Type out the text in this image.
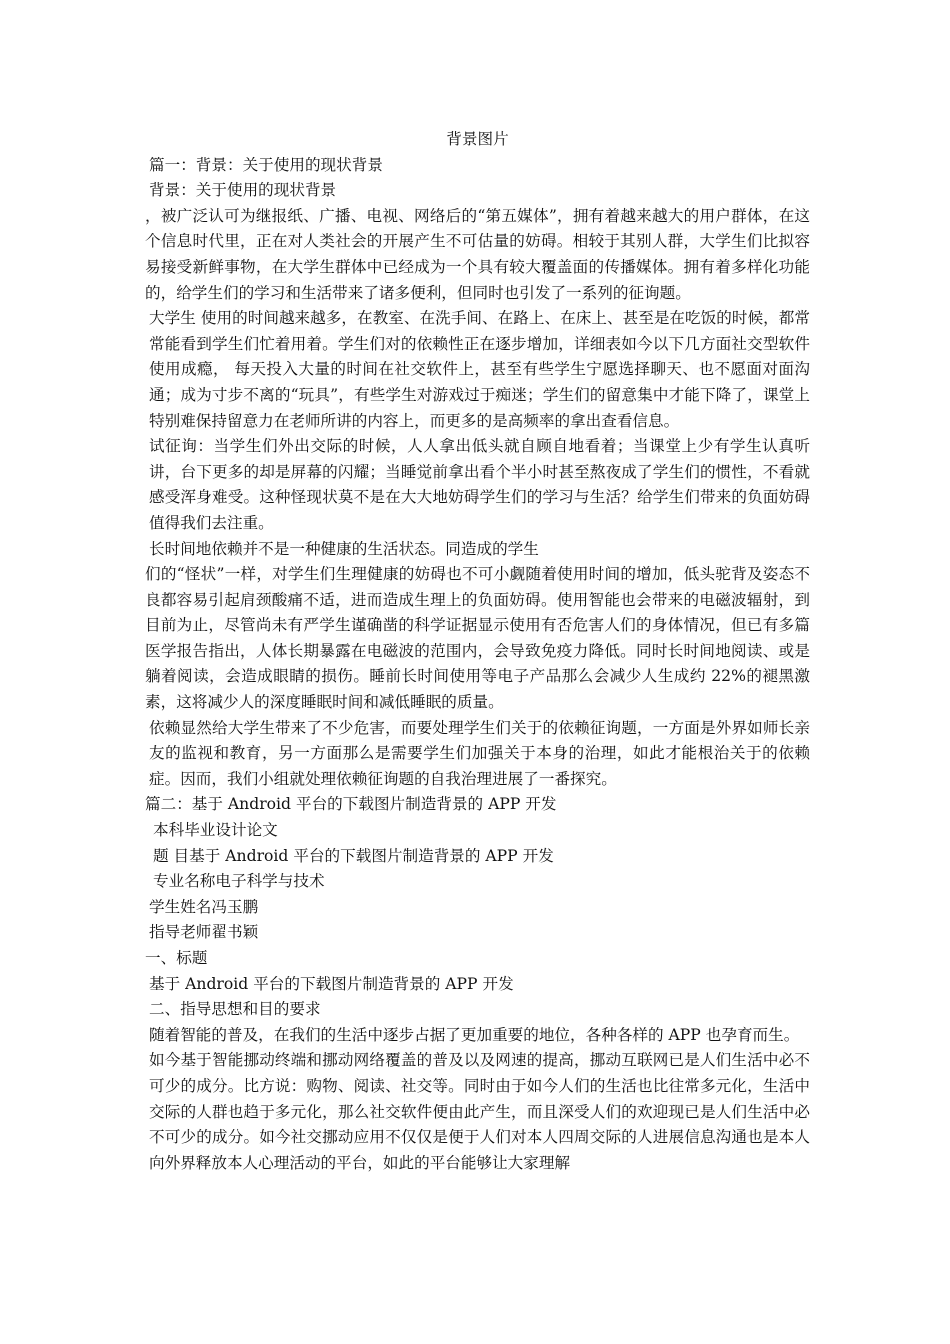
背景图片

篇一：背景：关于使用的现状背景

背景：关于使用的现状背景

，被广泛认可为继报纸、广播、电视、网络后的“第五媒体”，拥有着越来越大的用户群体，在这个信息时代里，正在对人类社会的开展产生不可估量的妨碍。相较于其别人群，大学生们比拟容易接受新鲜事物，在大学生群体中已经成为一个具有较大覆盖面的传播媒体。拥有着多样化功能的，给学生们的学习和生活带来了诸多便利，但同时也引发了一系列的征询题。

大学生 使用的时间越来越多，在教室、在洗手间、在路上、在床上、甚至是在吃饭的时候，都常常能看到学生们忙着用着。学生们对的依赖性正在逐步增加，详细表如今以下几方面社交型软件使用成瘾， 每天投入大量的时间在社交软件上，甚至有些学生宁愿选择聊天、也不愿面对面沟通；成为寸步不离的“玩具”，有些学生对游戏过于痴迷；学生们的留意集中才能下降了，课堂上特别难保持留意力在老师所讲的内容上，而更多的是高频率的拿出查看信息。

试征询：当学生们外出交际的时候，人人拿出低头就自顾自地看着；当课堂上少有学生认真听讲，台下更多的却是屏幕的闪耀；当睡觉前拿出看个半小时甚至熬夜成了学生们的惯性，不看就感受浑身难受。这种怪现状莫不是在大大地妨碍学生们的学习与生活？给学生们带来的负面妨碍值得我们去注重。

长时间地依赖并不是一种健康的生活状态。同造成的学生

们的“怪状”一样，对学生们生理健康的妨碍也不可小觑随着使用时间的增加，低头驼背及姿态不良都容易引起肩颈酸痛不适，进而造成生理上的负面妨碍。使用智能也会带来的电磁波辐射，到目前为止，尽管尚未有严学生谨确凿的科学证据显示使用有否危害人们的身体情况，但已有多篇医学报告指出，人体长期暴露在电磁波的范围内，会导致免疫力降低。同时长时间地阅读、或是躺着阅读，会造成眼睛的损伤。睡前长时间使用等电子产品那么会减少人生成约 22%的褪黑激素，这将减少人的深度睡眠时间和减低睡眠的质量。

依赖显然给大学生带来了不少危害，而要处理学生们关于的依赖征询题，一方面是外界如师长亲友的监视和教育，另一方面那么是需要学生们加强关于本身的治理，如此才能根治关于的依赖症。因而，我们小组就处理依赖征询题的自我治理进展了一番探究。

篇二：基于 Android 平台的下载图片制造背景的 APP 开发

本科毕业设计论文

题 目基于 Android 平台的下载图片制造背景的 APP 开发

专业名称电子科学与技术

学生姓名冯玉鹏

指导老师翟书颖

一、标题

基于 Android 平台的下载图片制造背景的 APP 开发

二、指导思想和目的要求

随着智能的普及，在我们的生活中逐步占据了更加重要的地位，各种各样的 APP 也孕育而生。

如今基于智能挪动终端和挪动网络覆盖的普及以及网速的提高，挪动互联网已是人们生活中必不可少的成分。比方说：购物、阅读、社交等。同时由于如今人们的生活也比往常多元化，生活中交际的人群也趋于多元化，那么社交软件便由此产生，而且深受人们的欢迎现已是人们生活中必不可少的成分。如今社交挪动应用不仅仅是便于人们对本人四周交际的人进展信息沟通也是本人向外界释放本人心理活动的平台，如此的平台能够让大家理解
